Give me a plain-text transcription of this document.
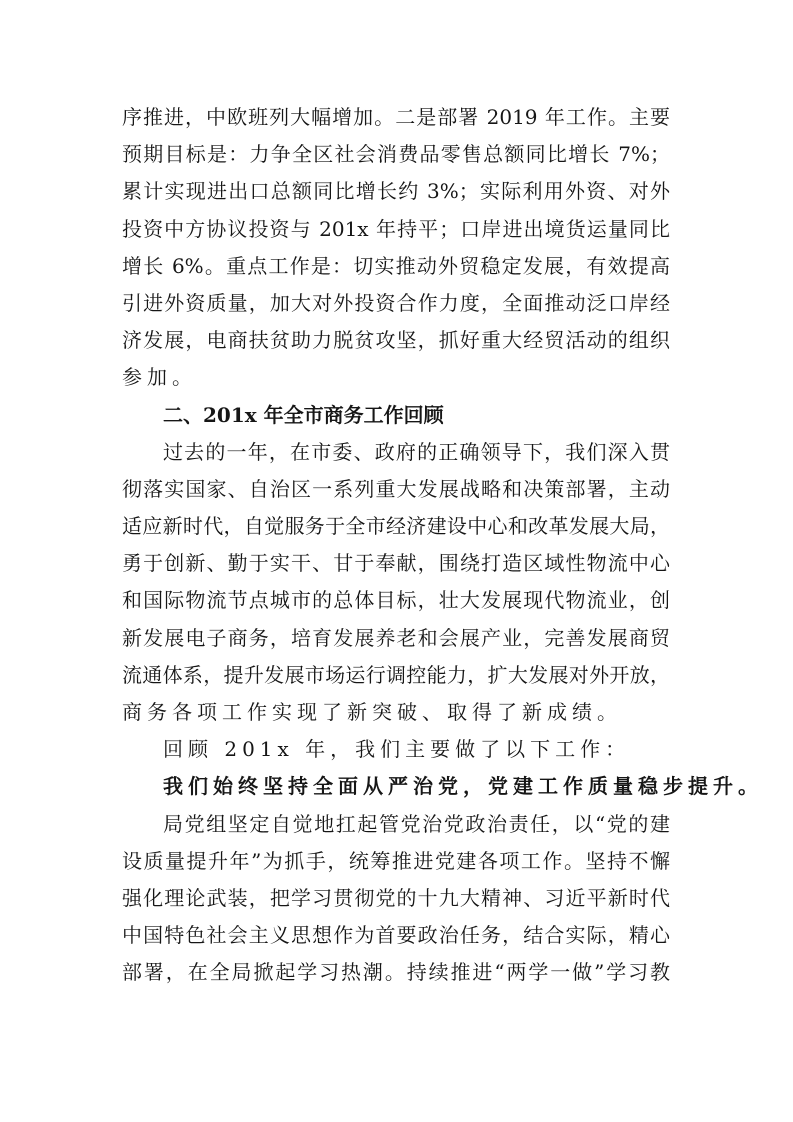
序推进，中欧班列大幅增加。二是部署 2019 年工作。主要
预期目标是：力争全区社会消费品零售总额同比增长 7%；
累计实现进出口总额同比增长约 3%；实际利用外资、对外
投资中方协议投资与 201x 年持平；口岸进出境货运量同比
增长 6%。重点工作是：切实推动外贸稳定发展，有效提高
引进外资质量，加大对外投资合作力度，全面推动泛口岸经
济发展，电商扶贫助力脱贫攻坚，抓好重大经贸活动的组织
参加。
二、201x 年全市商务工作回顾
过去的一年，在市委、政府的正确领导下，我们深入贯
彻落实国家、自治区一系列重大发展战略和决策部署，主动
适应新时代，自觉服务于全市经济建设中心和改革发展大局，
勇于创新、勤于实干、甘于奉献，围绕打造区域性物流中心
和国际物流节点城市的总体目标，壮大发展现代物流业，创
新发展电子商务，培育发展养老和会展产业，完善发展商贸
流通体系，提升发展市场运行调控能力，扩大发展对外开放，
商务各项工作实现了新突破、取得了新成绩。
回顾 201x 年，我们主要做了以下工作：
我们始终坚持全面从严治党，党建工作质量稳步提升。
局党组坚定自觉地扛起管党治党政治责任，以“党的建
设质量提升年”为抓手，统筹推进党建各项工作。坚持不懈
强化理论武装，把学习贯彻党的十九大精神、习近平新时代
中国特色社会主义思想作为首要政治任务，结合实际，精心
部署，在全局掀起学习热潮。持续推进“两学一做”学习教
